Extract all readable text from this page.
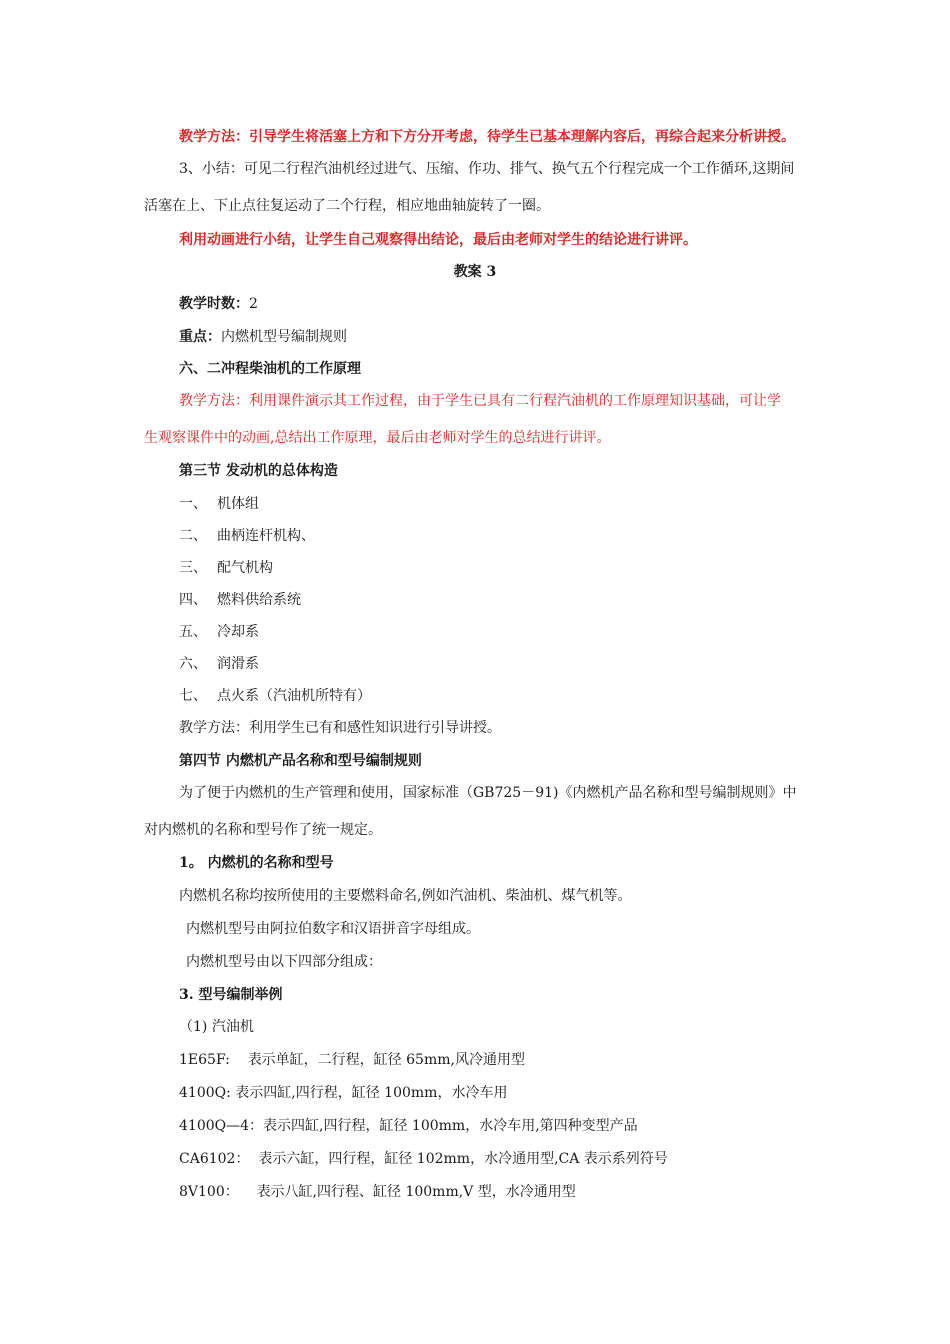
教学方法：引导学生将活塞上方和下方分开考虑，待学生已基本理解内容后，再综合起来分析讲授。
3、小结：可见二行程汽油机经过进气、压缩、作功、排气、换气五个行程完成一个工作循环,这期间
活塞在上、下止点往复运动了二个行程，相应地曲轴旋转了一圈。
利用动画进行小结，让学生自己观察得出结论，最后由老师对学生的结论进行讲评。
教案 3
教学时数：2
重点：内燃机型号编制规则
六、二冲程柴油机的工作原理
教学方法：利用课件演示其工作过程，由于学生已具有二行程汽油机的工作原理知识基础，可让学
生观察课件中的动画,总结出工作原理，最后由老师对学生的总结进行讲评。
第三节 发动机的总体构造
一、 机体组
二、 曲柄连杆机构、
三、 配气机构
四、 燃料供给系统
五、 冷却系
六、 润滑系
七、 点火系（汽油机所特有）
教学方法：利用学生已有和感性知识进行引导讲授。
第四节 内燃机产品名称和型号编制规则
为了便于内燃机的生产管理和使用，国家标准（GB725－91)《内燃机产品名称和型号编制规则》中
对内燃机的名称和型号作了统一规定。
1。 内燃机的名称和型号
内燃机名称均按所使用的主要燃料命名,例如汽油机、柴油机、煤气机等。
内燃机型号由阿拉伯数字和汉语拼音字母组成。
内燃机型号由以下四部分组成：
3. 型号编制举例
（1) 汽油机
1E65F: 表示单缸，二行程，缸径 65mm,风冷通用型
4100Q: 表示四缸,四行程，缸径 100mm，水冷车用
4100Q—4：表示四缸,四行程，缸径 100mm，水冷车用,第四种变型产品
CA6102： 表示六缸，四行程，缸径 102mm，水冷通用型,CA 表示系列符号
8V100： 表示八缸,四行程、缸径 100mm,V 型，水冷通用型
